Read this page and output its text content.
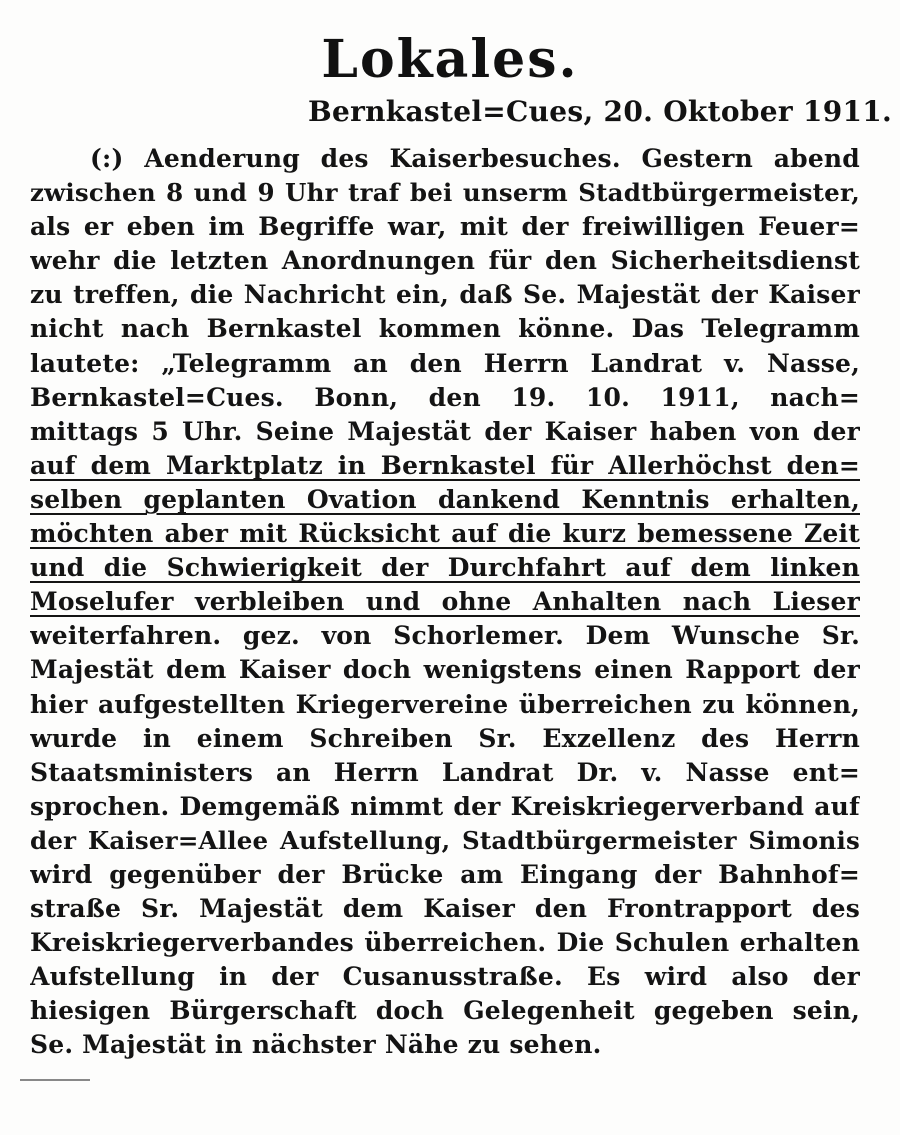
Lokales.
Bernkastel=Cues, 20. Oktober 1911.
(:) Aenderung des Kaiserbesuches. Gestern abend
zwischen 8 und 9 Uhr traf bei unserm Stadtbürgermeister,
als er eben im Begriffe war, mit der freiwilligen Feuer=
wehr die letzten Anordnungen für den Sicherheitsdienst
zu treffen, die Nachricht ein, daß Se. Majestät der Kaiser
nicht nach Bernkastel kommen könne. Das Telegramm
lautete: „Telegramm an den Herrn Landrat v. Nasse,
Bernkastel=Cues. Bonn, den 19. 10. 1911, nach=
mittags 5 Uhr. Seine Majestät der Kaiser haben von der
auf dem Marktplatz in Bernkastel für Allerhöchst den=
selben geplanten Ovation dankend Kenntnis erhalten,
möchten aber mit Rücksicht auf die kurz bemessene Zeit
und die Schwierigkeit der Durchfahrt auf dem linken
Moselufer verbleiben und ohne Anhalten nach Lieser
weiterfahren. gez. von Schorlemer. Dem Wunsche Sr.
Majestät dem Kaiser doch wenigstens einen Rapport der
hier aufgestellten Kriegervereine überreichen zu können,
wurde in einem Schreiben Sr. Exzellenz des Herrn
Staatsministers an Herrn Landrat Dr. v. Nasse ent=
sprochen. Demgemäß nimmt der Kreiskriegerverband auf
der Kaiser=Allee Aufstellung, Stadtbürgermeister Simonis
wird gegenüber der Brücke am Eingang der Bahnhof=
straße Sr. Majestät dem Kaiser den Frontrapport des
Kreiskriegerverbandes überreichen. Die Schulen erhalten
Aufstellung in der Cusanusstraße. Es wird also der
hiesigen Bürgerschaft doch Gelegenheit gegeben sein,
Se. Majestät in nächster Nähe zu sehen.
